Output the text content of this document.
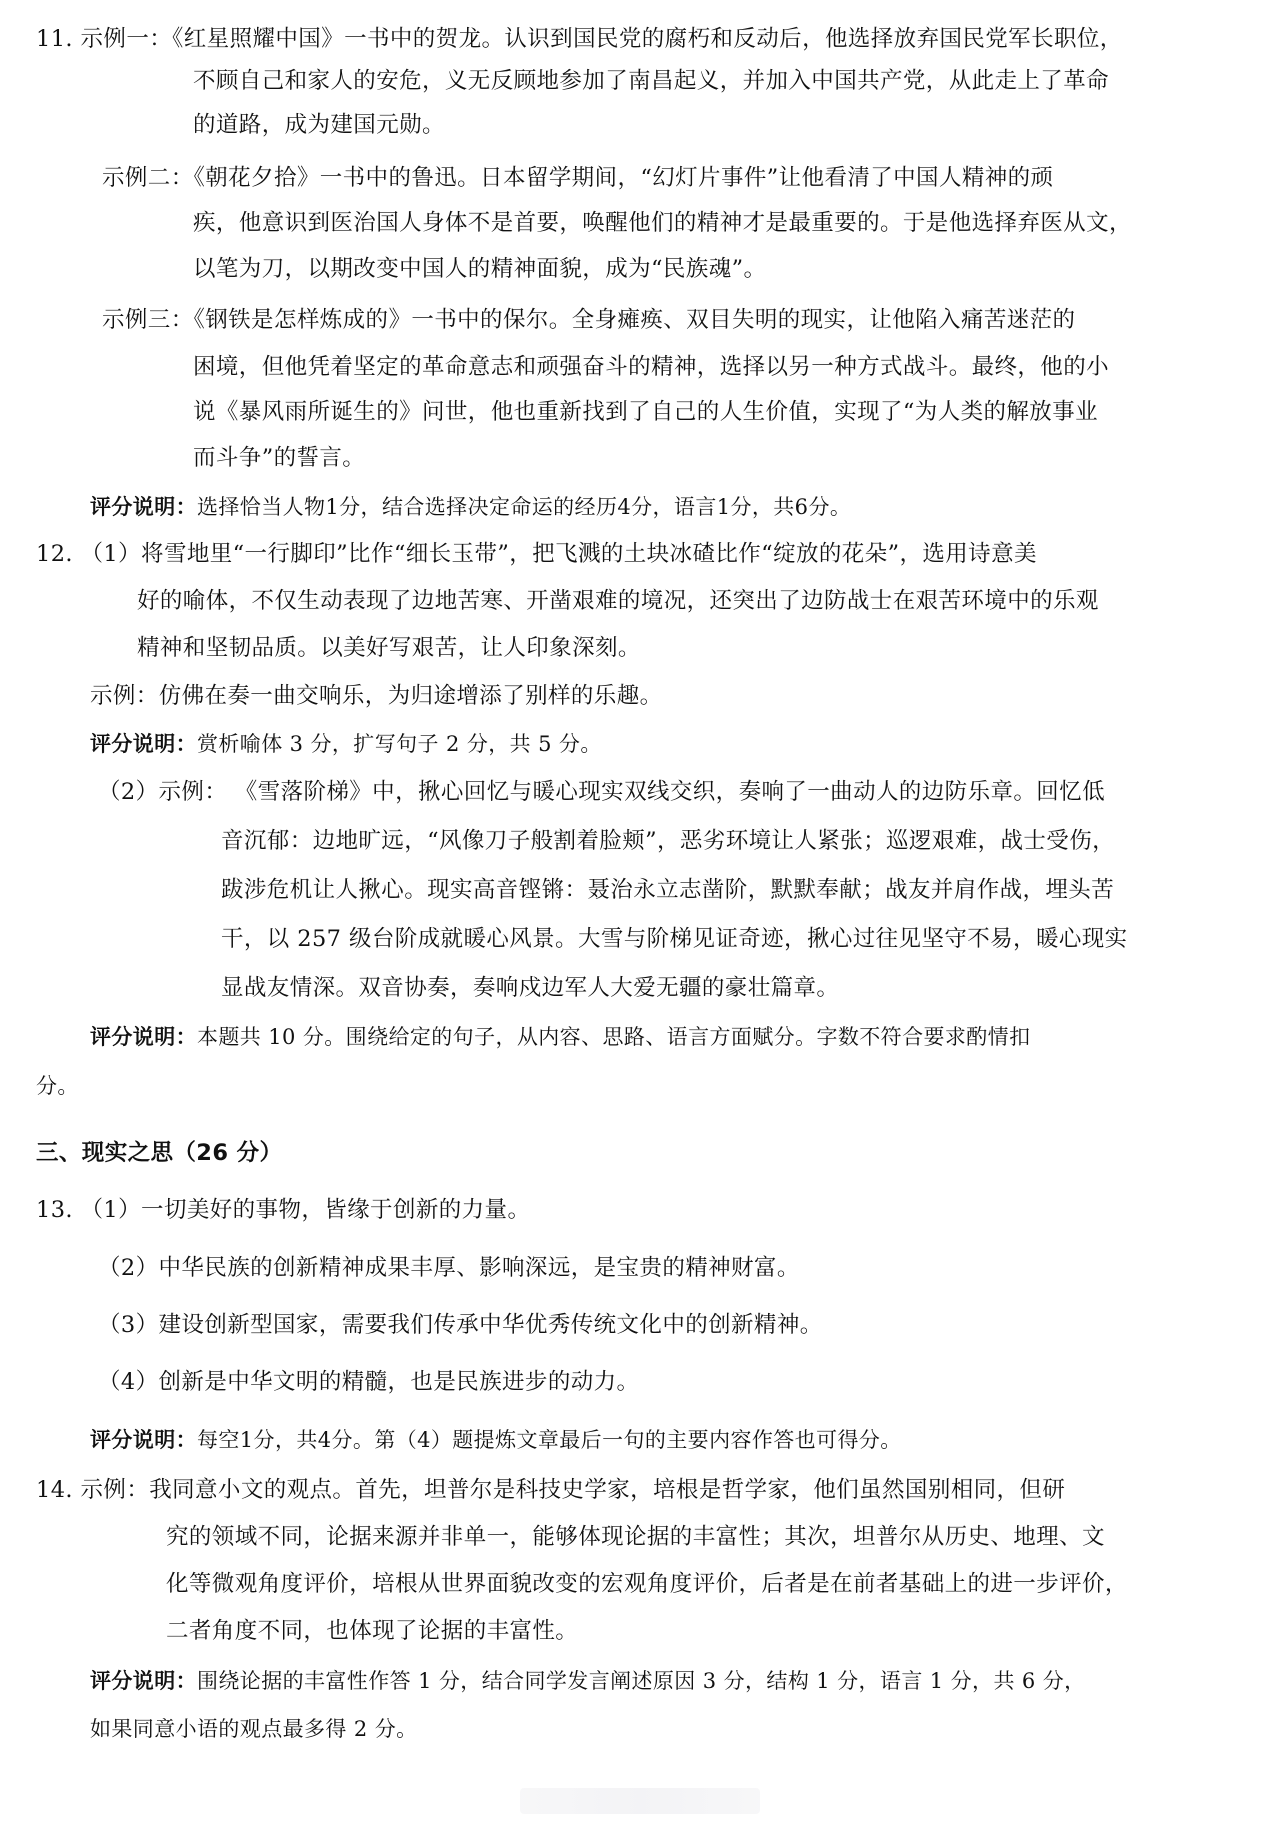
11. 示例一：《红星照耀中国》一书中的贺龙。认识到国民党的腐朽和反动后，他选择放弃国民党军长职位，
不顾自己和家人的安危，义无反顾地参加了南昌起义，并加入中国共产党，从此走上了革命
的道路，成为建国元勋。
示例二：《朝花夕拾》一书中的鲁迅。日本留学期间，“幻灯片事件”让他看清了中国人精神的顽
疾，他意识到医治国人身体不是首要，唤醒他们的精神才是最重要的。于是他选择弃医从文，
以笔为刀，以期改变中国人的精神面貌，成为“民族魂”。
示例三：《钢铁是怎样炼成的》一书中的保尔。全身瘫痪、双目失明的现实，让他陷入痛苦迷茫的
困境，但他凭着坚定的革命意志和顽强奋斗的精神，选择以另一种方式战斗。最终，他的小
说《暴风雨所诞生的》问世，他也重新找到了自己的人生价值，实现了“为人类的解放事业
而斗争”的誓言。
评分说明：选择恰当人物1分，结合选择决定命运的经历4分，语言1分，共6分。
12. （1）将雪地里“一行脚印”比作“细长玉带”，把飞溅的土块冰碴比作“绽放的花朵”，选用诗意美
好的喻体，不仅生动表现了边地苦寒、开凿艰难的境况，还突出了边防战士在艰苦环境中的乐观
精神和坚韧品质。以美好写艰苦，让人印象深刻。
示例：仿佛在奏一曲交响乐，为归途增添了别样的乐趣。
评分说明：赏析喻体 3 分，扩写句子 2 分，共 5 分。
（2）示例： 《雪落阶梯》中，揪心回忆与暖心现实双线交织，奏响了一曲动人的边防乐章。回忆低
音沉郁：边地旷远，“风像刀子般割着脸颊”，恶劣环境让人紧张；巡逻艰难，战士受伤，
跋涉危机让人揪心。现实高音铿锵：聂治永立志凿阶，默默奉献；战友并肩作战，埋头苦
干，以 257 级台阶成就暖心风景。大雪与阶梯见证奇迹，揪心过往见坚守不易，暖心现实
显战友情深。双音协奏，奏响戍边军人大爱无疆的豪壮篇章。
评分说明：本题共 10 分。围绕给定的句子，从内容、思路、语言方面赋分。字数不符合要求酌情扣
分。
三、现实之思（26 分）
13. （1）一切美好的事物，皆缘于创新的力量。
（2）中华民族的创新精神成果丰厚、影响深远，是宝贵的精神财富。
（3）建设创新型国家，需要我们传承中华优秀传统文化中的创新精神。
（4）创新是中华文明的精髓，也是民族进步的动力。
评分说明：每空1分，共4分。第（4）题提炼文章最后一句的主要内容作答也可得分。
14. 示例：我同意小文的观点。首先，坦普尔是科技史学家，培根是哲学家，他们虽然国别相同，但研
究的领域不同，论据来源并非单一，能够体现论据的丰富性；其次，坦普尔从历史、地理、文
化等微观角度评价，培根从世界面貌改变的宏观角度评价，后者是在前者基础上的进一步评价，
二者角度不同，也体现了论据的丰富性。
评分说明：围绕论据的丰富性作答 1 分，结合同学发言阐述原因 3 分，结构 1 分，语言 1 分，共 6 分，
如果同意小语的观点最多得 2 分。
